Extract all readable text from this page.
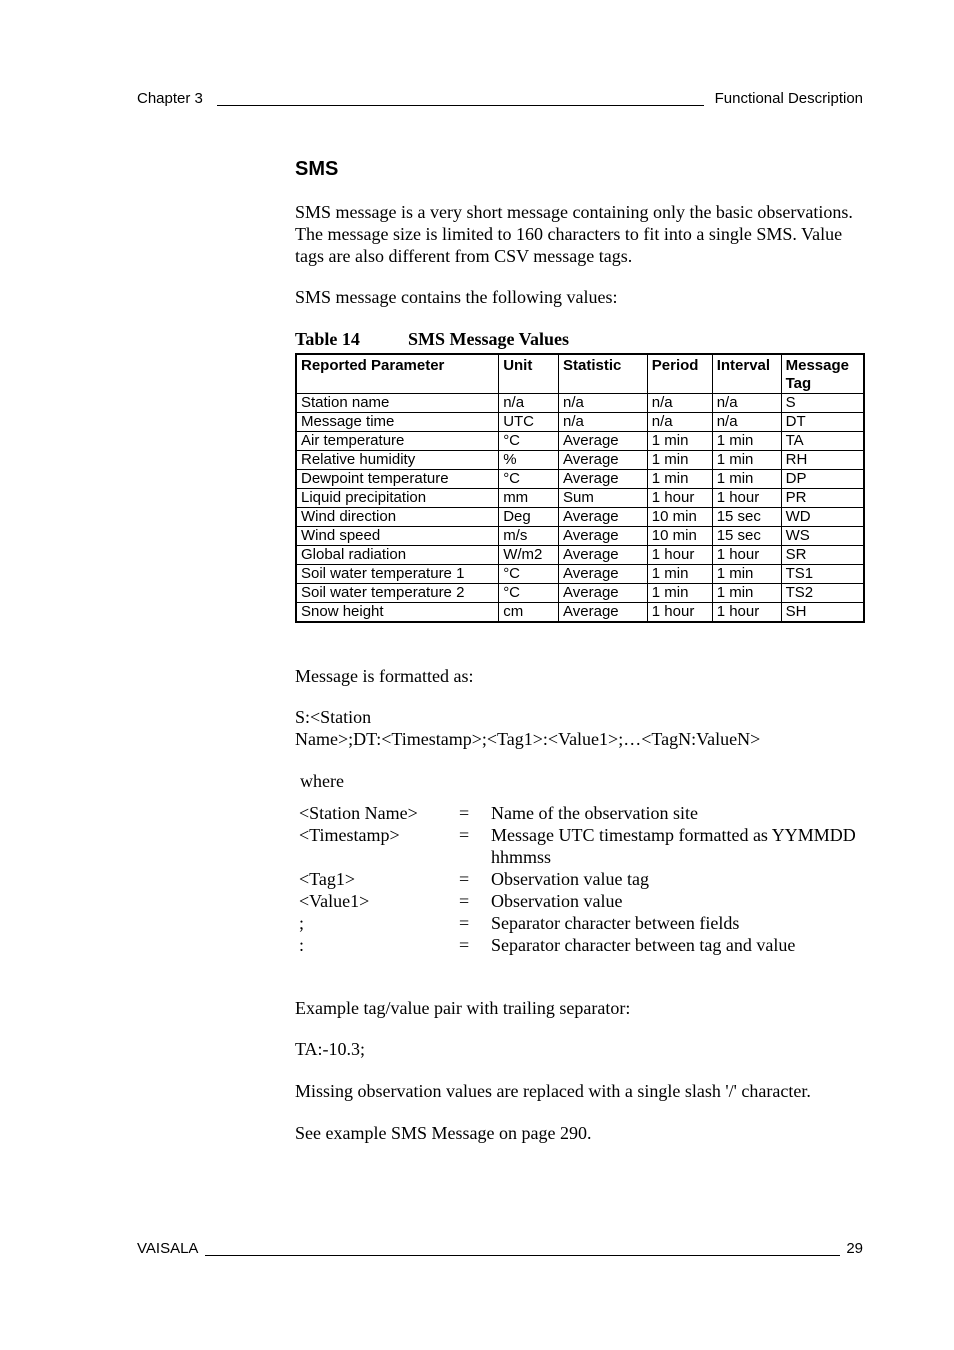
Chapter 3	Functional Description
SMS

SMS message is a very short message containing only the basic observations. The message size is limited to 160 characters to fit into a single SMS. Value tags are also different from CSV message tags.

SMS message contains the following values:

Table 14	SMS Message Values
Reported Parameter	Unit	Statistic	Period	Interval	Message Tag
Station name	n/a	n/a	n/a	n/a	S
Message time	UTC	n/a	n/a	n/a	DT
Air temperature	°C	Average	1 min	1 min	TA
Relative humidity	%	Average	1 min	1 min	RH
Dewpoint temperature	°C	Average	1 min	1 min	DP
Liquid precipitation	mm	Sum	1 hour	1 hour	PR
Wind direction	Deg	Average	10 min	15 sec	WD
Wind speed	m/s	Average	10 min	15 sec	WS
Global radiation	W/m2	Average	1 hour	1 hour	SR
Soil water temperature 1	°C	Average	1 min	1 min	TS1
Soil water temperature 2	°C	Average	1 min	1 min	TS2
Snow height	cm	Average	1 hour	1 hour	SH

Message is formatted as:

S:<Station
Name>;DT:<Timestamp>;<Tag1>:<Value1>;…<TagN:ValueN>

where

<Station Name>	=	Name of the observation site
<Timestamp>	=	Message UTC timestamp formatted as YYMMDD hhmmss
<Tag1>	=	Observation value tag
<Value1>	=	Observation value
;	=	Separator character between fields
:	=	Separator character between tag and value

Example tag/value pair with trailing separator:

TA:-10.3;

Missing observation values are replaced with a single slash '/' character.

See example SMS Message on page 290.

VAISALA	29
